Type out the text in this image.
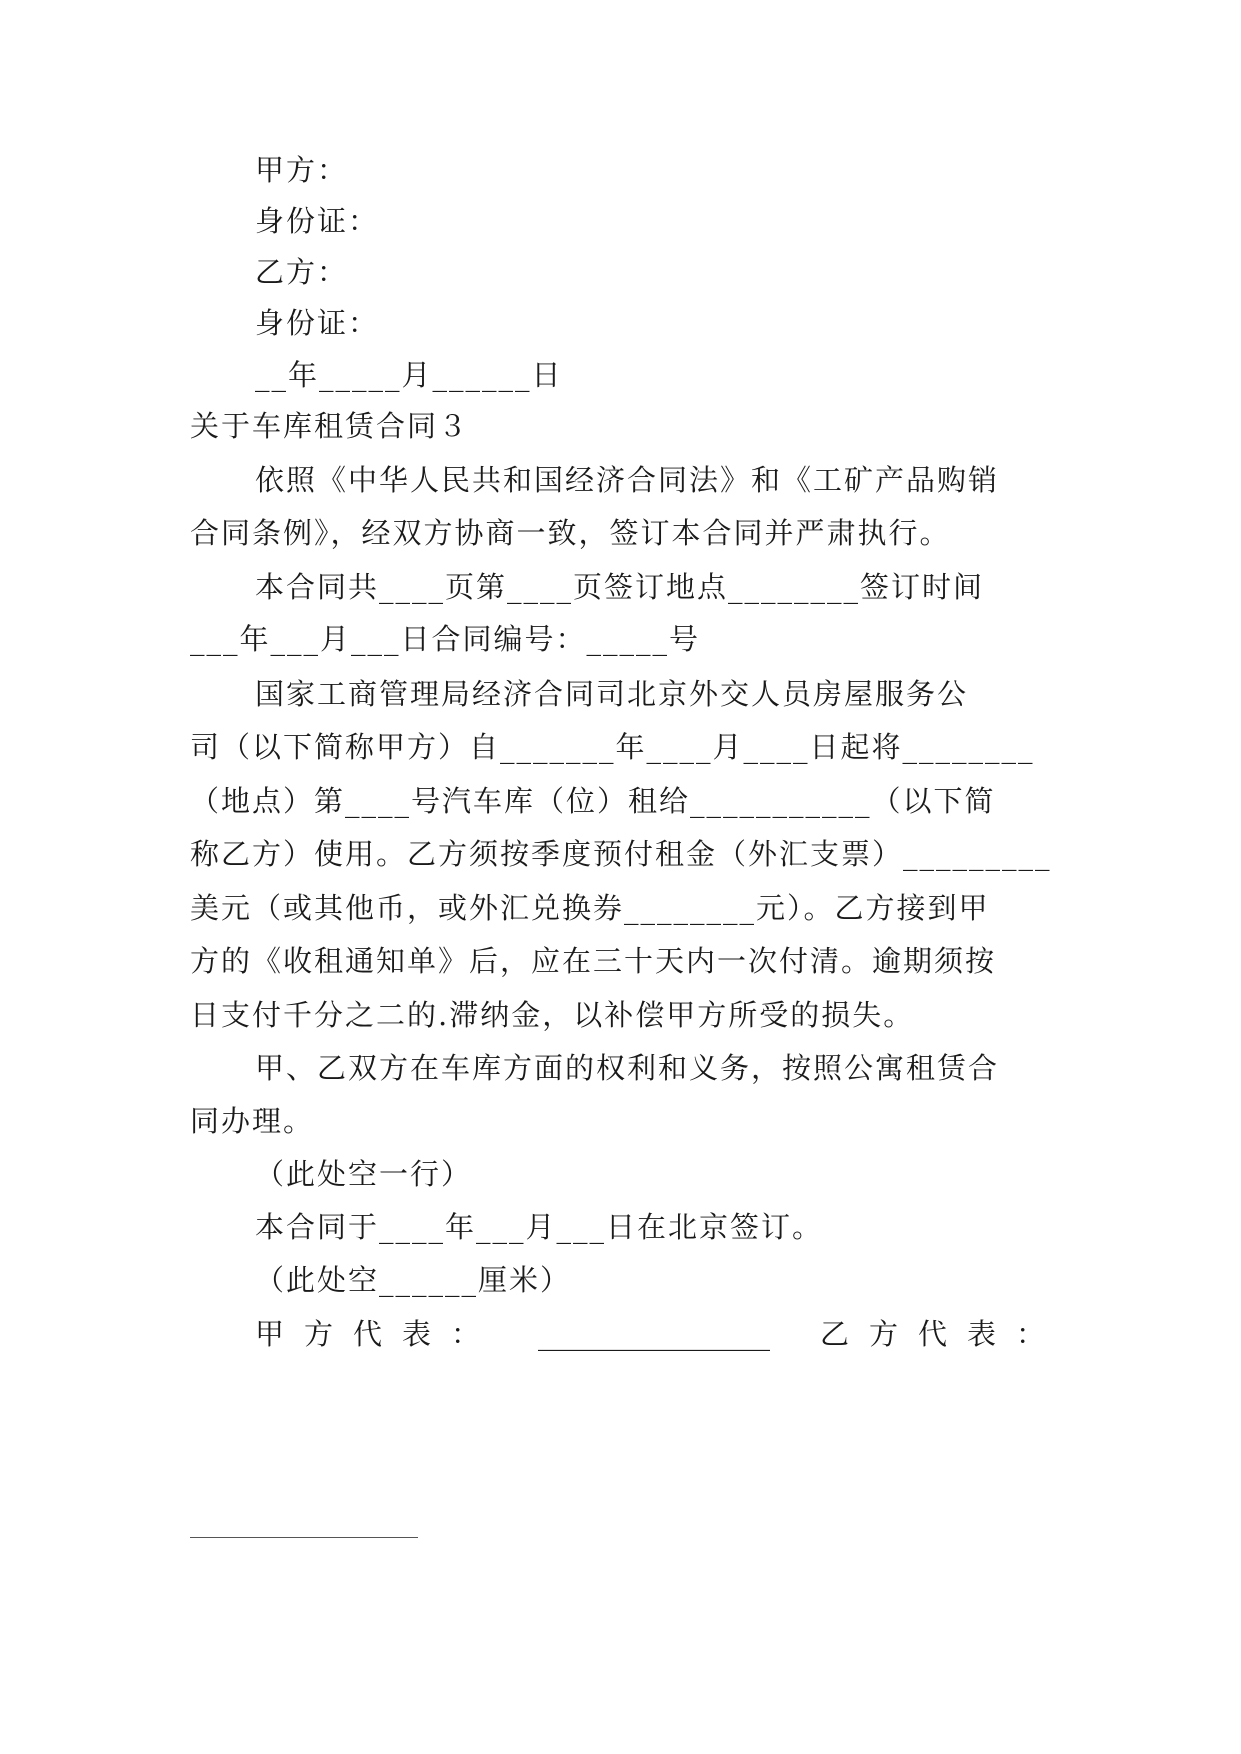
甲方：
身份证：
乙方：
身份证：
__年_____月______日
关于车库租赁合同３
依照《中华人民共和国经济合同法》和《工矿产品购销
合同条例》，经双方协商一致，签订本合同并严肃执行。
本合同共____页第____页签订地点________签订时间
___年___月___日合同编号：_____号
国家工商管理局经济合同司北京外交人员房屋服务公
司（以下简称甲方）自_______年____月____日起将________
（地点）第____号汽车库（位）租给___________（以下简
称乙方）使用。乙方须按季度预付租金（外汇支票）_________
美元（或其他币，或外汇兑换券________元）。乙方接到甲
方的《收租通知单》后，应在三十天内一次付清。逾期须按
日支付千分之二的.滞纳金，以补偿甲方所受的损失。
甲、乙双方在车库方面的权利和义务，按照公寓租赁合
同办理。
（此处空一行）
本合同于____年___月___日在北京签订。
（此处空______厘米）
甲方代表：	________________	乙方代表：
